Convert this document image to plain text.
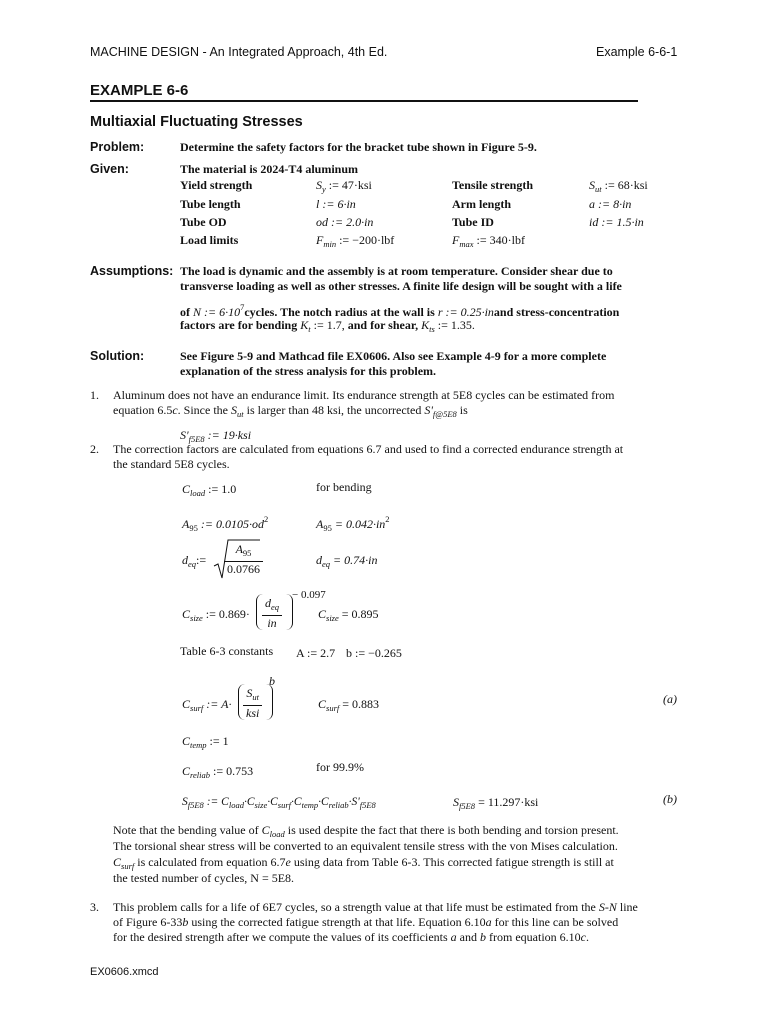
MACHINE DESIGN - An Integrated Approach, 4th Ed.	Example 6-6-1
EXAMPLE 6-6
Multiaxial Fluctuating Stresses
Problem:	Determine the safety factors for the bracket tube shown in Figure 5-9.
Given:	The material is 2024-T4 aluminum
Yield strength	$S_y$ := 47·ksi	Tensile strength	$S_{ut}$ := 68·ksi
Tube length	l := 6·in	Arm length	a := 8·in
Tube OD	od := 2.0·in	Tube ID	id := 1.5·in
Load limits	$F_{min}$ := −200·lbf	$F_{max}$ := 340·lbf
Assumptions: The load is dynamic and the assembly is at room temperature. Consider shear due to
transverse loading as well as other stresses. A finite life design will be sought with a life
of N := $6\cdot 10^7cycles$. The notch radius at the wall is r := 0.25·inand stress-concentration
factors are for bending $K_t$ := 1.7, and for shear, $K_{ts}$ := 1.35.
Solution:	See Figure 5-9 and Mathcad file EX0606. Also see Example 4-9 for a more complete
explanation of the stress analysis for this problem.
1. Aluminum does not have an endurance limit. Its endurance strength at 5E8 cycles can be estimated from
equation 6.5c. Since the $S_{ut}$ is larger than 48 ksi, the uncorrected $S'_{f@5E8}$ is
$S'_{f5E8}$ := 19·ksi
2. The correction factors are calculated from equations 6.7 and used to find a corrected endurance strength at
the standard 5E8 cycles.
$C_{load}$ := 1.0	for bending
$A_{95}$ := $0.0105\cdot od^2$	$A_{95} = 0.042\cdot in^2$
$d_{eq}:= \frac{A_{95}}{0.0766}$	$d_{eq} = 0.74\cdot in$
$C_{size}$ := $0.869\cdot \frac{d_{eq}}{in}$
− 0.097
$C_{size} = 0.895$
Table 6-3 constants A := 2.7 b := −0.265
$C_{surf}$ := $A\cdot \frac{S_{ut}}{\text{ksi}}$
b
$C_{surf} = 0.883$	(a)
$C_{temp}$ := 1
$C_{reliab}$ := 0.753	for 99.9%
$S_{f5E8}$ := $C_{load}\cdot C_{size}\cdot C_{surf}\cdot C_{temp}\cdot C_{reliab}\cdot S'_{f5E8}$	$S_{f5E8} = 11.297\cdot ksi$	(b)
Note that the bending value of $C_{load}$ is used despite the fact that there is both bending and torsion present.
The torsional shear stress will be converted to an equivalent tensile stress with the von Mises calculation.
$C_{surf}$ is calculated from equation 6.7e using data from Table 6-3. This corrected fatigue strength is still at
the tested number of cycles, N = 5E8.
3. This problem calls for a life of 6E7 cycles, so a strength value at that life must be estimated from the S-N line
of Figure 6-33b using the corrected fatigue strength at that life. Equation 6.10a for this line can be solved
for the desired strength after we compute the values of its coefficients a and b from equation 6.10c.
EX0606.xmcd
